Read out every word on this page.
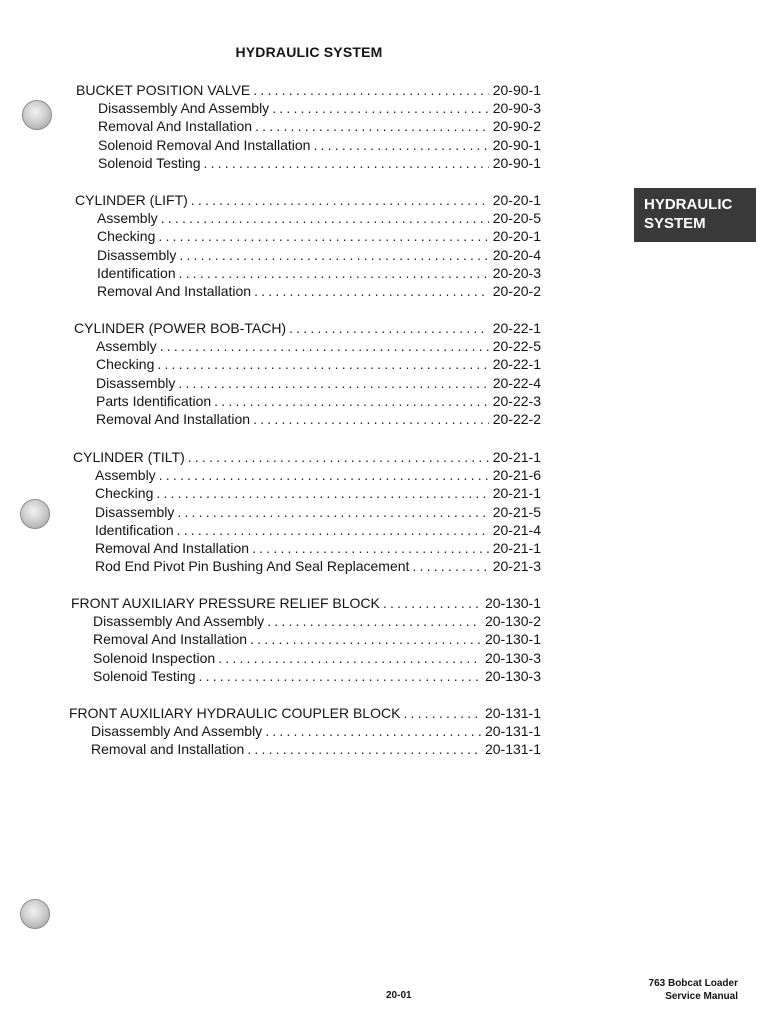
HYDRAULIC SYSTEM
HYDRAULIC
SYSTEM
BUCKET POSITION VALVE .....	20-90-1
Disassembly And Assembly .....	20-90-3
Removal And Installation .....	20-90-2
Solenoid Removal And Installation .....	20-90-1
Solenoid Testing .....	20-90-1
CYLINDER (LIFT) .....	20-20-1
Assembly .....	20-20-5
Checking .....	20-20-1
Disassembly .....	20-20-4
Identification .....	20-20-3
Removal And Installation .....	20-20-2
CYLINDER (POWER BOB-TACH) .....	20-22-1
Assembly .....	20-22-5
Checking .....	20-22-1
Disassembly .....	20-22-4
Parts Identification .....	20-22-3
Removal And Installation .....	20-22-2
CYLINDER (TILT) .....	20-21-1
Assembly .....	20-21-6
Checking .....	20-21-1
Disassembly .....	20-21-5
Identification .....	20-21-4
Removal And Installation .....	20-21-1
Rod End Pivot Pin Bushing And Seal Replacement .....	20-21-3
FRONT AUXILIARY PRESSURE RELIEF BLOCK .....	20-130-1
Disassembly And Assembly .....	20-130-2
Removal And Installation .....	20-130-1
Solenoid Inspection .....	20-130-3
Solenoid Testing .....	20-130-3
FRONT AUXILIARY HYDRAULIC COUPLER BLOCK .....	20-131-1
Disassembly And Assembly .....	20-131-1
Removal and Installation .....	20-131-1
20-01
763 Bobcat Loader
Service Manual
